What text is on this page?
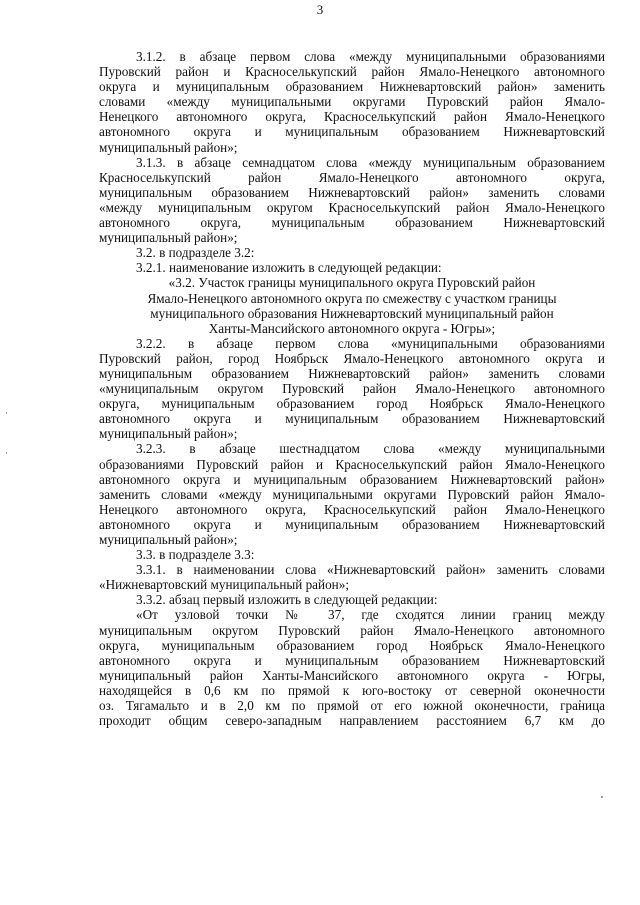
3

3.1.2. в абзаце первом слова «между муниципальными образованиями

Пуровский район и Красноселькупский район Ямало-Ненецкого автономного

округа и муниципальным образованием Нижневартовский район» заменить

словами «между муниципальными округами Пуровский район Ямало-

Ненецкого автономного округа, Красноселькупский район Ямало-Ненецкого

автономного округа и муниципальным образованием Нижневартовский

муниципальный район»;

3.1.3. в абзаце семнадцатом слова «между муниципальным образованием

Красноселькупский район Ямало-Ненецкого автономного округа,

муниципальным образованием Нижневартовский район» заменить словами

«между муниципальным округом Красноселькупский район Ямало-Ненецкого

автономного округа, муниципальным образованием Нижневартовский

муниципальный район»;

3.2. в подразделе 3.2:

3.2.1. наименование изложить в следующей редакции:

«3.2. Участок границы муниципального округа Пуровский район

Ямало-Ненецкого автономного округа по смежеству с участком границы

муниципального образования Нижневартовский муниципальный район

Ханты-Мансийского автономного округа - Югры»;

3.2.2. в абзаце первом слова «муниципальными образованиями

Пуровский район, город Ноябрьск Ямало-Ненецкого автономного округа и

муниципальным образованием Нижневартовский район» заменить словами

«муниципальным округом Пуровский район Ямало-Ненецкого автономного

округа, муниципальным образованием город Ноябрьск Ямало-Ненецкого

автономного округа и муниципальным образованием Нижневартовский

муниципальный район»;

3.2.3. в абзаце шестнадцатом слова «между муниципальными

образованиями Пуровский район и Красноселькупский район Ямало-Ненецкого

автономного округа и муниципальным образованием Нижневартовский район»

заменить словами «между муниципальными округами Пуровский район Ямало-

Ненецкого автономного округа, Красноселькупский район Ямало-Ненецкого

автономного округа и муниципальным образованием Нижневартовский

муниципальный район»;

3.3. в подразделе 3.3:

3.3.1. в наименовании слова «Нижневартовский район» заменить словами

«Нижневартовский муниципальный район»;

3.3.2. абзац первый изложить в следующей редакции:

«От узловой точки № 37, где сходятся линии границ между

муниципальным округом Пуровский район Ямало-Ненецкого автономного

округа, муниципальным образованием город Ноябрьск Ямало-Ненецкого

автономного округа и муниципальным образованием Нижневартовский

муниципальный район Ханты-Мансийского автономного округа - Югры,

находящейся в 0,6 км по прямой к юго-востоку от северной оконечности

оз. Тягамальто и в 2,0 км по прямой от его южной оконечности, граница

проходит общим северо-западным направлением расстоянием 6,7 км до
